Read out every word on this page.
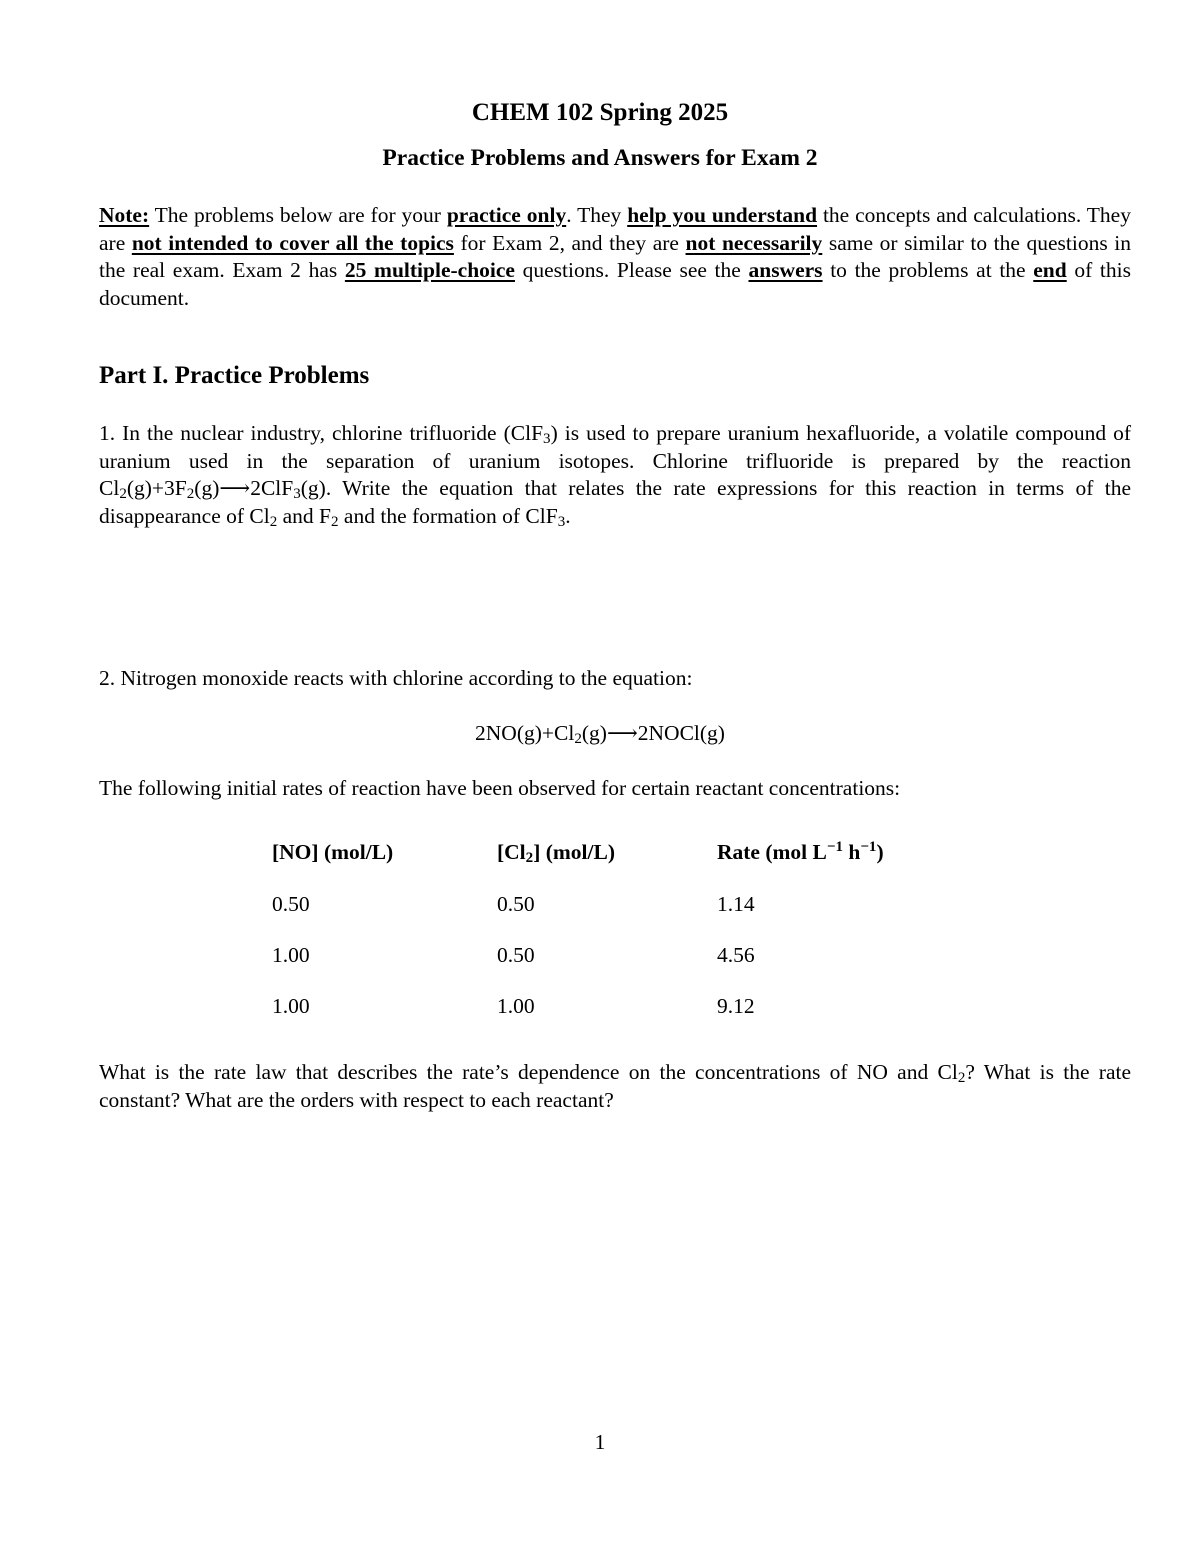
CHEM 102 Spring 2025
Practice Problems and Answers for Exam 2

Note: The problems below are for your practice only. They help you understand the concepts and calculations. They are not intended to cover all the topics for Exam 2, and they are not necessarily same or similar to the questions in the real exam. Exam 2 has 25 multiple-choice questions. Please see the answers to the problems at the end of this document.

Part I. Practice Problems

1. In the nuclear industry, chlorine trifluoride (ClF$_3$) is used to prepare uranium hexafluoride, a volatile compound of uranium used in the separation of uranium isotopes. Chlorine trifluoride is prepared by the reaction $Cl_2(g)+3F_2(g)⟶2ClF_3(g)$. Write the equation that relates the rate expressions for this reaction in terms of the disappearance of $Cl_2$ and $F_2$ and the formation of ClF$_3$.

2. Nitrogen monoxide reacts with chlorine according to the equation:
$2NO(g)+Cl_2(g)⟶2NOCl(g)$
The following initial rates of reaction have been observed for certain reactant concentrations:
[NO] (mol/L)	$[Cl_2]$ (mol/L)	Rate (mol $L^{-1}$ $h^{-1}$)
0.50	0.50	1.14
1.00	0.50	4.56
1.00	1.00	9.12

What is the rate law that describes the rate’s dependence on the concentrations of NO and $Cl_2$? What is the rate constant? What are the orders with respect to each reactant?

1
